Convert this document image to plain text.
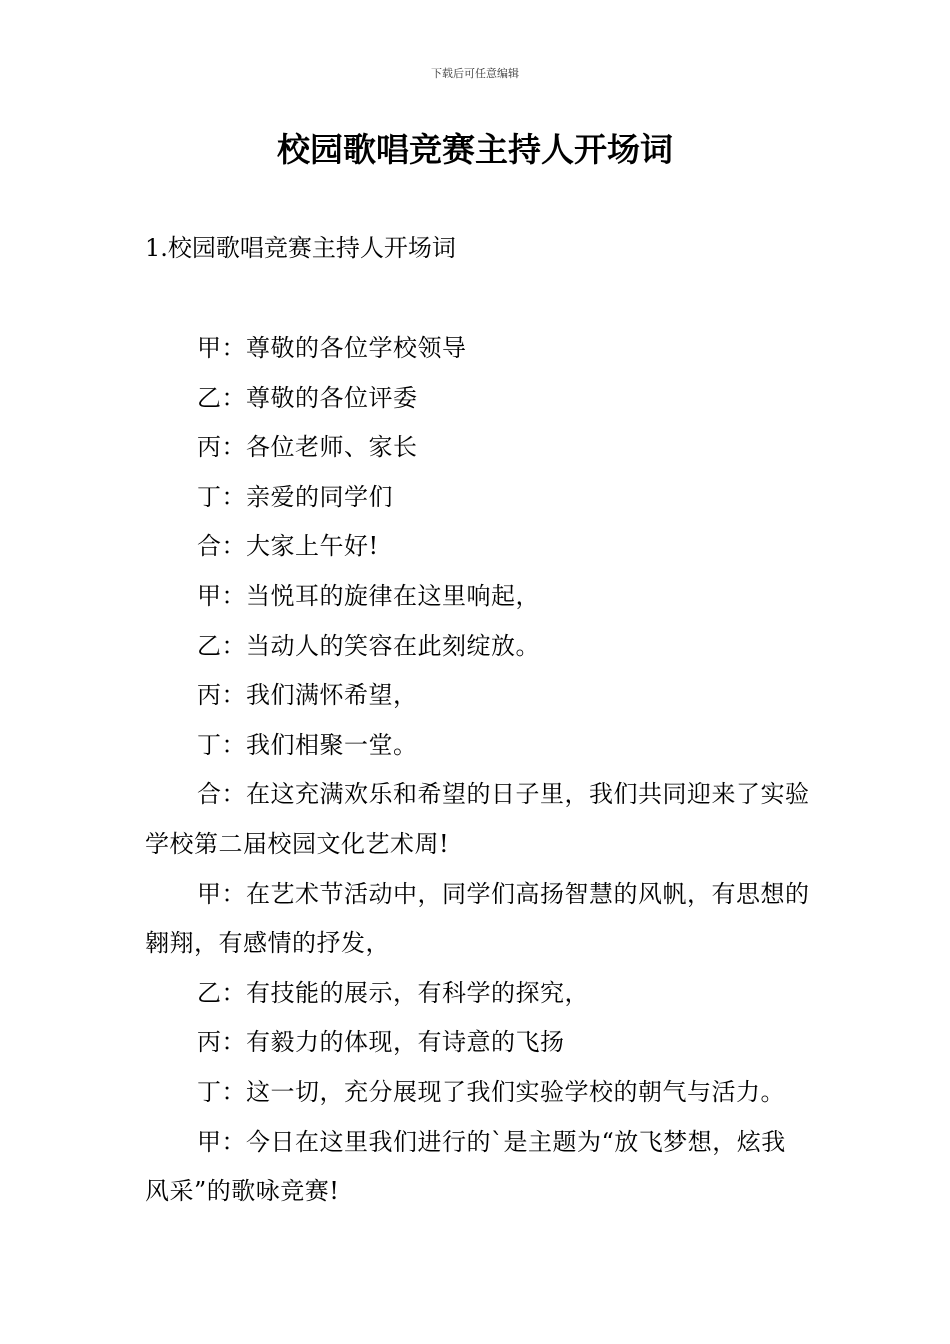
下载后可任意编辑
校园歌唱竞赛主持人开场词

1.校园歌唱竞赛主持人开场词

甲：尊敬的各位学校领导

乙：尊敬的各位评委

丙：各位老师、家长

丁：亲爱的同学们

合：大家上午好!

甲：当悦耳的旋律在这里响起，

乙：当动人的笑容在此刻绽放。

丙：我们满怀希望，

丁：我们相聚一堂。

合：在这充满欢乐和希望的日子里，我们共同迎来了实验学校第二届校园文化艺术周!

甲：在艺术节活动中，同学们高扬智慧的风帆，有思想的翱翔，有感情的抒发，

乙：有技能的展示，有科学的探究，

丙：有毅力的体现，有诗意的飞扬

丁：这一切，充分展现了我们实验学校的朝气与活力。

甲：今日在这里我们进行的`是主题为“放飞梦想，炫我风采”的歌咏竞赛!
